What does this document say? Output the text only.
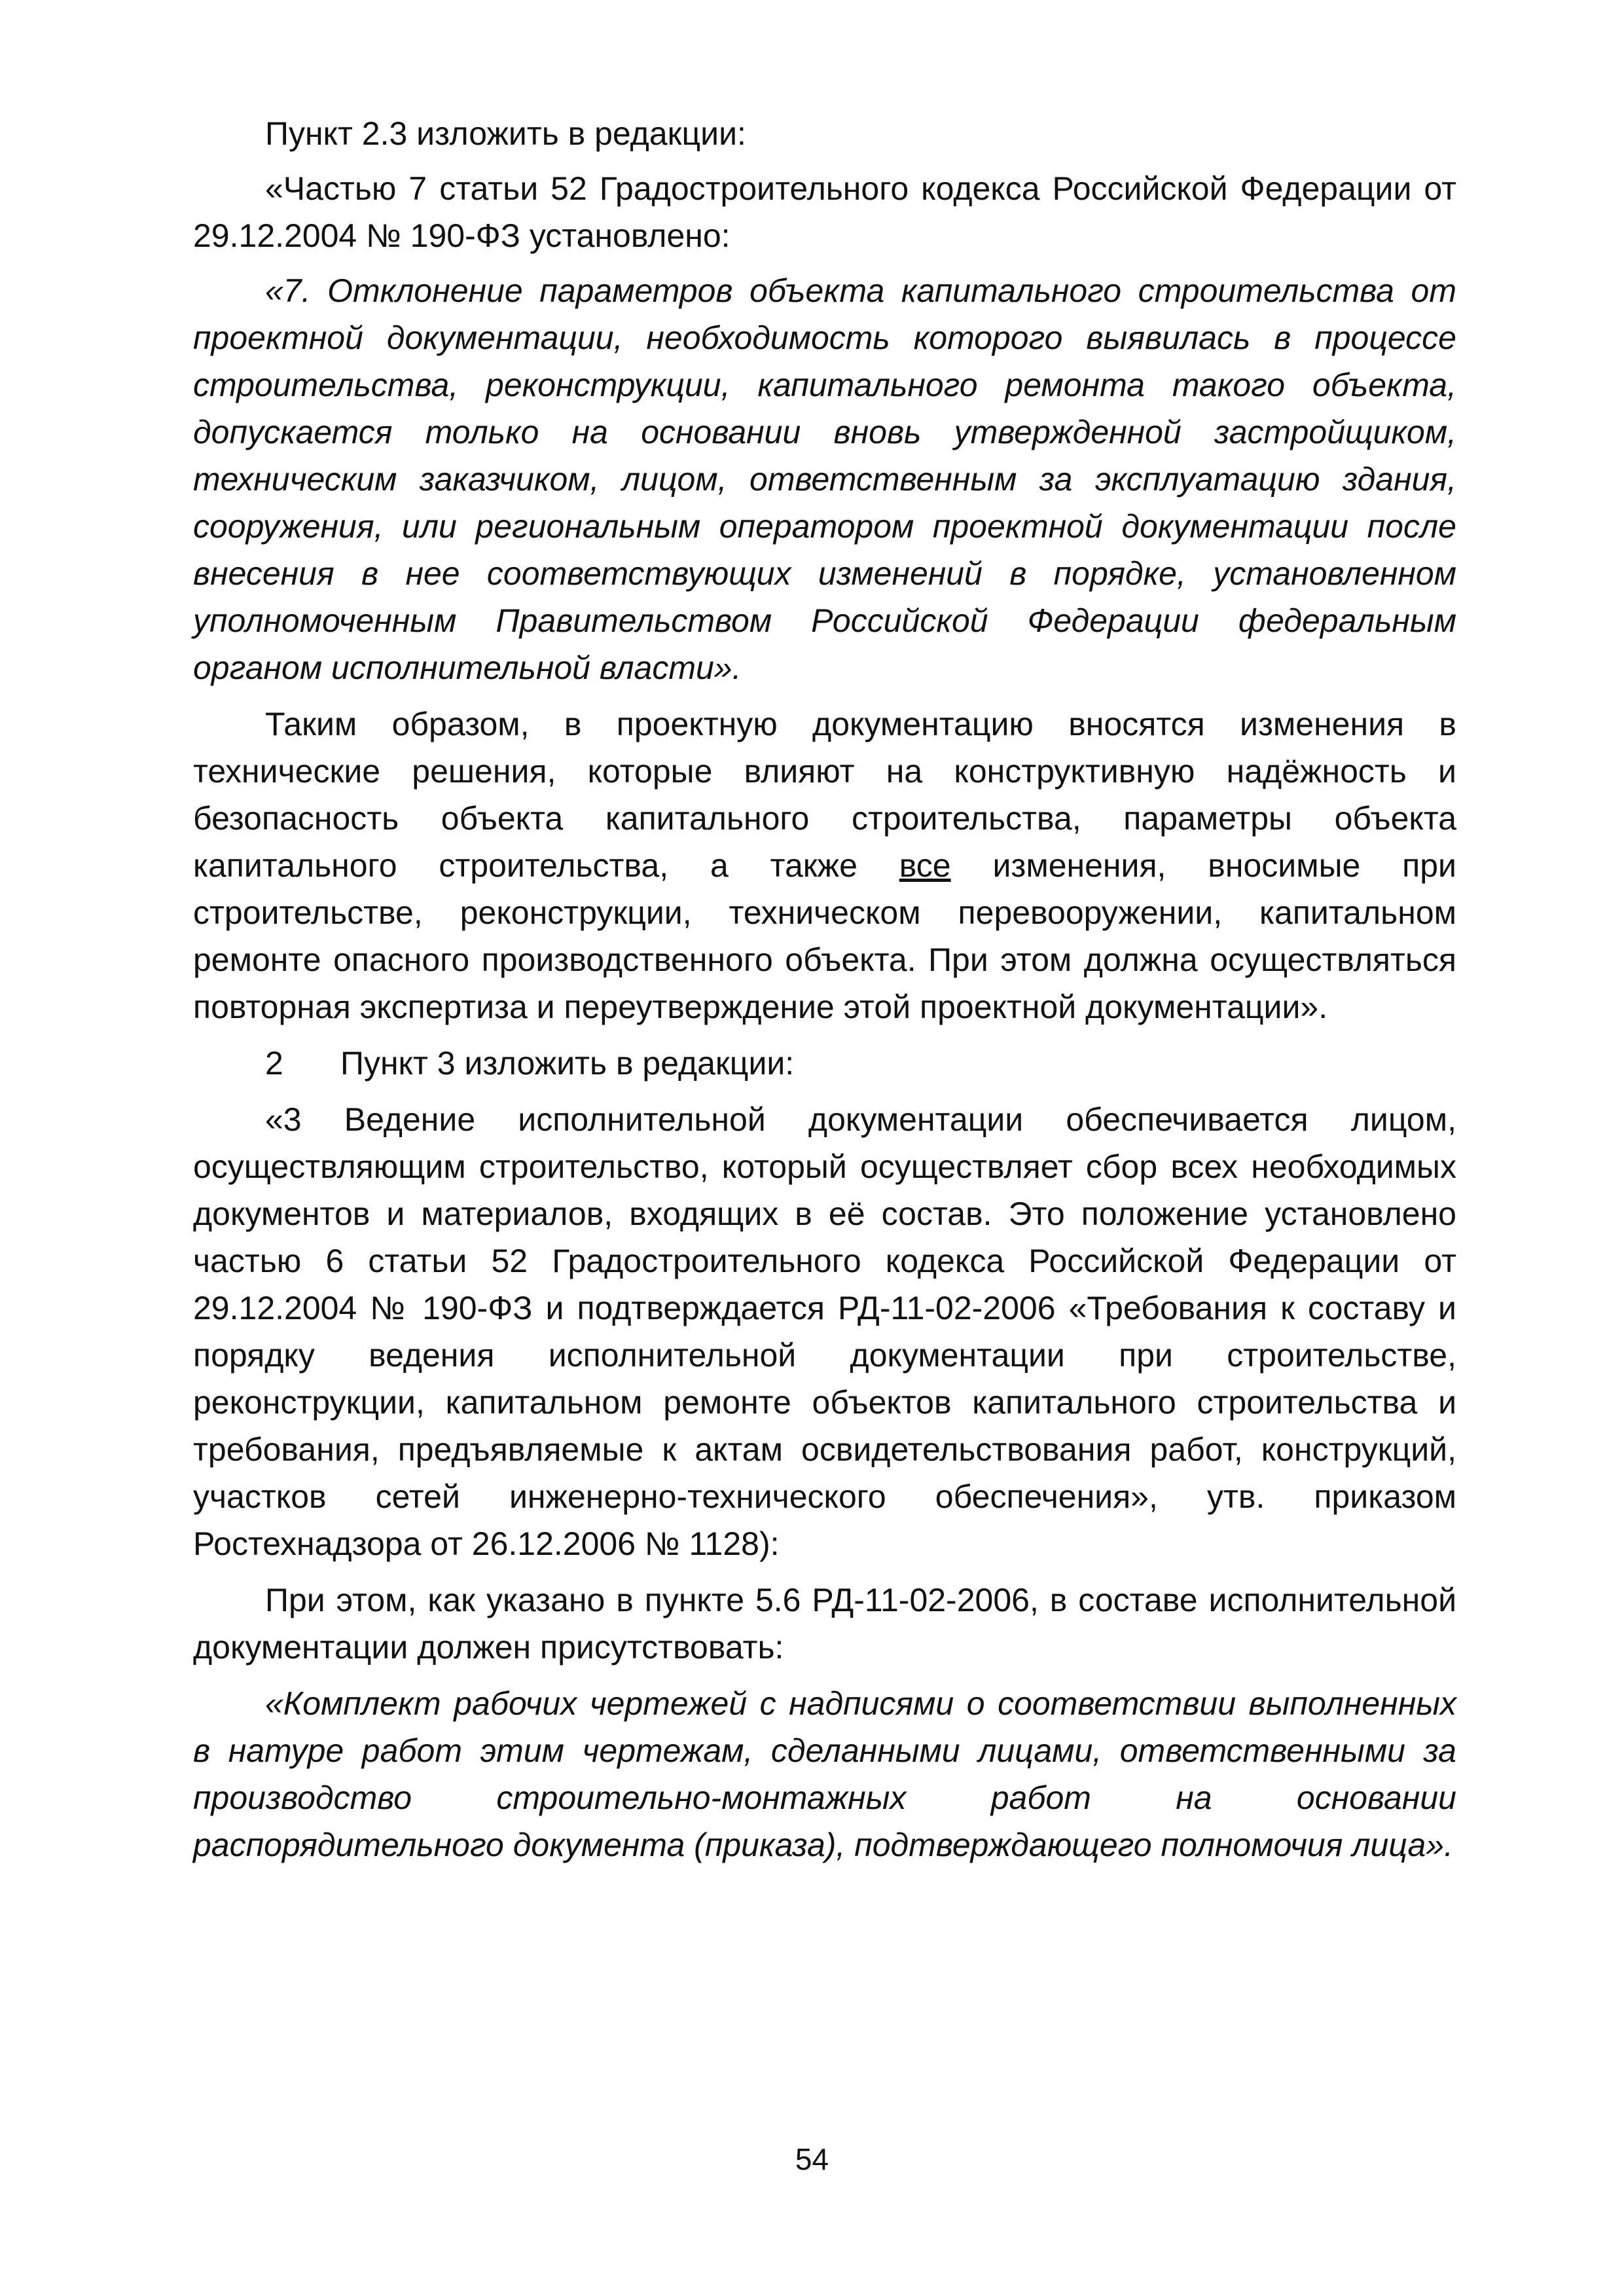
Пункт 2.3 изложить в редакции:

«Частью 7 статьи 52 Градостроительного кодекса Российской Федерации от 29.12.2004 № 190-ФЗ установлено:

«7. Отклонение параметров объекта капитального строительства от проектной документации, необходимость которого выявилась в процессе строительства, реконструкции, капитального ремонта такого объекта, допускается только на основании вновь утвержденной застройщиком, техническим заказчиком, лицом, ответственным за эксплуатацию здания, сооружения, или региональным оператором проектной документации после внесения в нее соответствующих изменений в порядке, установленном уполномоченным Правительством Российской Федерации федеральным органом исполнительной власти».

Таким образом, в проектную документацию вносятся изменения в технические решения, которые влияют на конструктивную надёжность и безопасность объекта капитального строительства, параметры объекта капитального строительства, а также все изменения, вносимые при строительстве, реконструкции, техническом перевооружении, капитальном ремонте опасного производственного объекта. При этом должна осуществляться повторная экспертиза и переутверждение этой проектной документации».

2 Пункт 3 изложить в редакции:

«3 Ведение исполнительной документации обеспечивается лицом, осуществляющим строительство, который осуществляет сбор всех необходимых документов и материалов, входящих в её состав. Это положение установлено частью 6 статьи 52 Градостроительного кодекса Российской Федерации от 29.12.2004 № 190-ФЗ и подтверждается РД-11-02-2006 «Требования к составу и порядку ведения исполнительной документации при строительстве, реконструкции, капитальном ремонте объектов капитального строительства и требования, предъявляемые к актам освидетельствования работ, конструкций, участков сетей инженерно-технического обеспечения», утв. приказом Ростехнадзора от 26.12.2006 № 1128):

При этом, как указано в пункте 5.6 РД-11-02-2006, в составе исполнительной документации должен присутствовать:

«Комплект рабочих чертежей с надписями о соответствии выполненных в натуре работ этим чертежам, сделанными лицами, ответственными за производство строительно-монтажных работ на основании распорядительного документа (приказа), подтверждающего полномочия лица».

54
